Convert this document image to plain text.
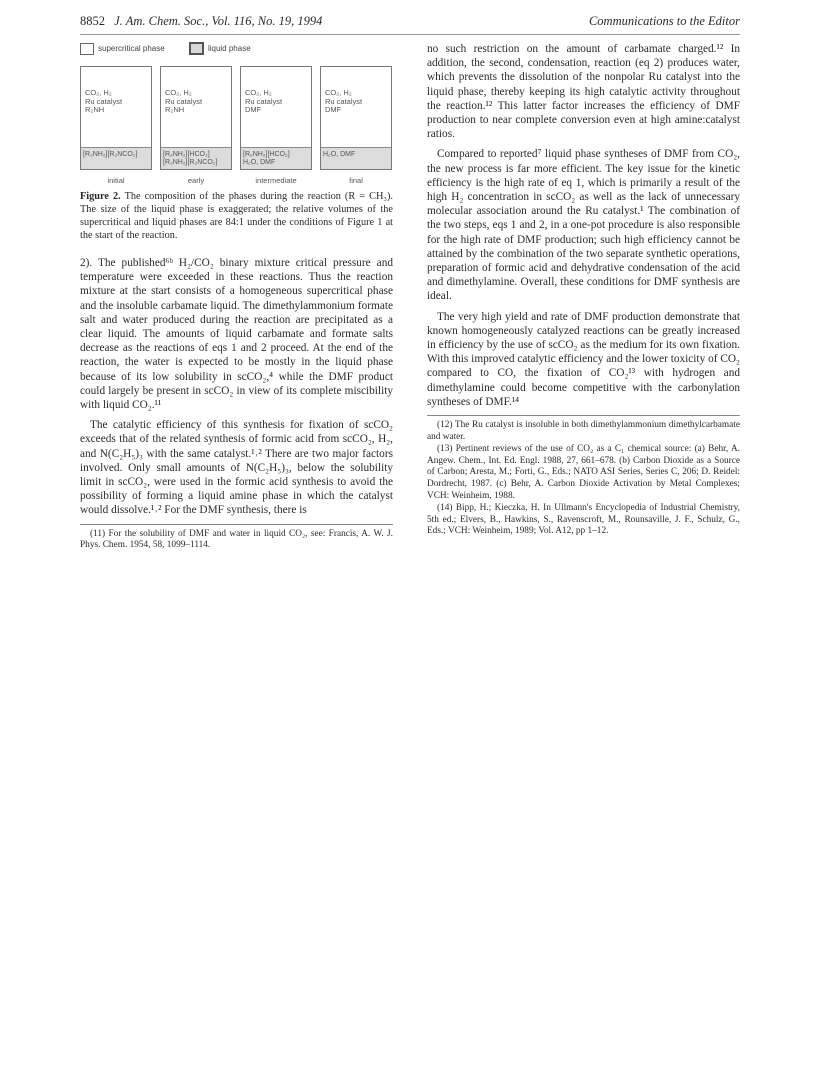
8852 J. Am. Chem. Soc., Vol. 116, No. 19, 1994	Communications to the Editor
supercritical phase	liquid phase
CO₂, H₂
Ru catalyst
R₂NH
[R₂NH₂][R₂NCO₂]
CO₂, H₂
Ru catalyst
R₂NH
[R₂NH₂][HCO₂]
[R₂NH₂][R₂NCO₂]
CO₂, H₂
Ru catalyst
DMF
[R₂NH₂][HCO₂]
H₂O, DMF
CO₂, H₂
Ru catalyst
DMF
H₂O, DMF
initial	early	intermediate	final

Figure 2. The composition of the phases during the reaction (R = CH₃). The size of the liquid phase is exaggerated; the relative volumes of the supercritical and liquid phases are 84:1 under the conditions of Figure 1 at the start of the reaction.

2). The published⁶ᵇ H₂/CO₂ binary mixture critical pressure and temperature were exceeded in these reactions. Thus the reaction mixture at the start consists of a homogeneous supercritical phase and the insoluble carbamate liquid. The dimethylammonium formate salt and water produced during the reaction are precipitated as a clear liquid. The amounts of liquid carbamate and formate salts decrease as the reactions of eqs 1 and 2 proceed. At the end of the reaction, the water is expected to be mostly in the liquid phase because of its low solubility in scCO₂,⁴ while the DMF product could largely be present in scCO₂ in view of its complete miscibility with liquid CO₂.¹¹

The catalytic efficiency of this synthesis for fixation of scCO₂ exceeds that of the related synthesis of formic acid from scCO₂, H₂, and N(C₂H₅)₃ with the same catalyst.¹˒² There are two major factors involved. Only small amounts of N(C₂H₅)₃, below the solubility limit in scCO₂, were used in the formic acid synthesis to avoid the possibility of forming a liquid amine phase in which the catalyst would dissolve.¹˒² For the DMF synthesis, there is

(11) For the solubility of DMF and water in liquid CO₂, see: Francis, A. W. J. Phys. Chem. 1954, 58, 1099–1114.

no such restriction on the amount of carbamate charged.¹² In addition, the second, condensation, reaction (eq 2) produces water, which prevents the dissolution of the nonpolar Ru catalyst into the liquid phase, thereby keeping its high catalytic activity throughout the reaction.¹² This latter factor increases the efficiency of DMF production to near complete conversion even at high amine:catalyst ratios.

Compared to reported⁷ liquid phase syntheses of DMF from CO₂, the new process is far more efficient. The key issue for the kinetic efficiency is the high rate of eq 1, which is primarily a result of the high H₂ concentration in scCO₂ as well as the lack of unnecessary molecular association around the Ru catalyst.¹ The combination of the two steps, eqs 1 and 2, in a one-pot procedure is also responsible for the high rate of DMF production; such high efficiency cannot be attained by the combination of the two separate synthetic operations, preparation of formic acid and dehydrative condensation of the acid and dimethylamine. Overall, these conditions for DMF synthesis are ideal.

The very high yield and rate of DMF production demonstrate that known homogeneously catalyzed reactions can be greatly increased in efficiency by the use of scCO₂ as the medium for its own fixation. With this improved catalytic efficiency and the lower toxicity of CO₂ compared to CO, the fixation of CO₂¹³ with hydrogen and dimethylamine could become competitive with the carbonylation syntheses of DMF.¹⁴

(12) The Ru catalyst is insoluble in both dimethylammonium dimethylcarbamate and water.

(13) Pertinent reviews of the use of CO₂ as a C₁ chemical source: (a) Behr, A. Angew. Chem., Int. Ed. Engl. 1988, 27, 661–678. (b) Carbon Dioxide as a Source of Carbon; Aresta, M.; Forti, G., Eds.; NATO ASI Series, Series C, 206; D. Reidel: Dordrecht, 1987. (c) Behr, A. Carbon Dioxide Activation by Metal Complexes; VCH: Weinheim, 1988.

(14) Bipp, H.; Kieczka, H. In Ullmann's Encyclopedia of Industrial Chemistry, 5th ed.; Elvers, B., Hawkins, S., Ravenscroft, M., Rounsaville, J. F., Schulz, G., Eds.; VCH: Weinheim, 1989; Vol. A12, pp 1–12.
